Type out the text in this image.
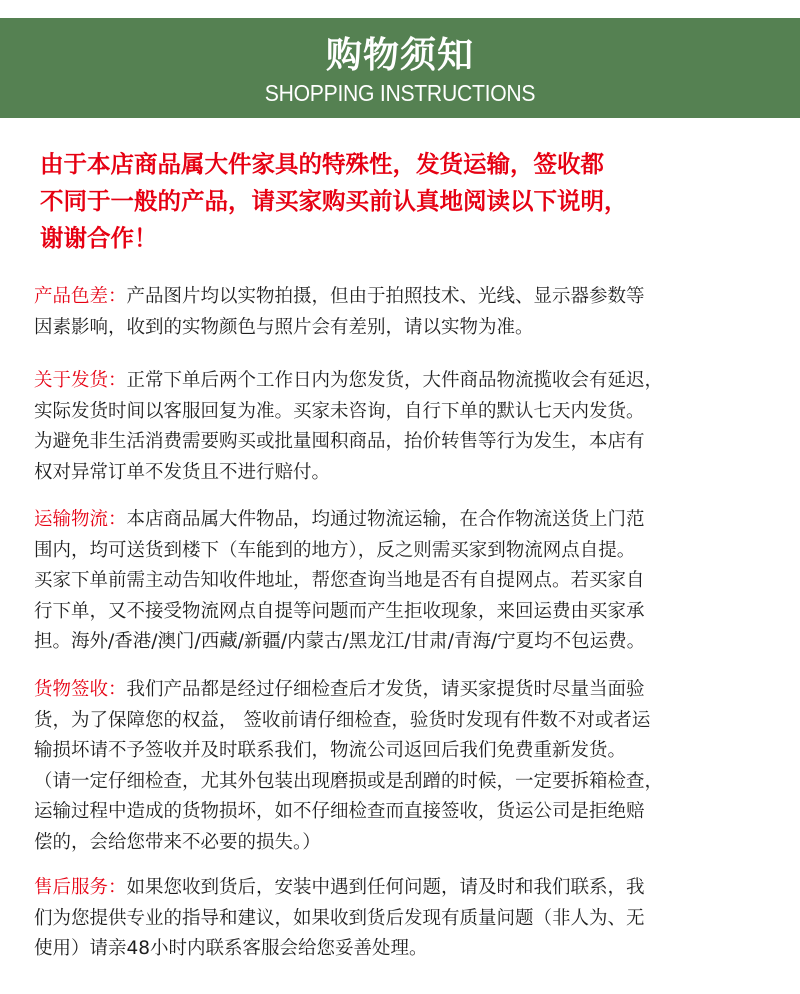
购物须知
SHOPPING INSTRUCTIONS
由于本店商品属大件家具的特殊性，发货运输，签收都
不同于一般的产品，请买家购买前认真地阅读以下说明，
谢谢合作！
产品色差：产品图片均以实物拍摄，但由于拍照技术、光线、显示器参数等
因素影响，收到的实物颜色与照片会有差别，请以实物为准。
关于发货：正常下单后两个工作日内为您发货，大件商品物流揽收会有延迟，
实际发货时间以客服回复为准。买家未咨询，自行下单的默认七天内发货。
为避免非生活消费需要购买或批量囤积商品，抬价转售等行为发生，本店有
权对异常订单不发货且不进行赔付。
运输物流：本店商品属大件物品，均通过物流运输，在合作物流送货上门范
围内，均可送货到楼下（车能到的地方），反之则需买家到物流网点自提。
买家下单前需主动告知收件地址，帮您查询当地是否有自提网点。若买家自
行下单，又不接受物流网点自提等问题而产生拒收现象，来回运费由买家承
担。海外/香港/澳门/西藏/新疆/内蒙古/黑龙江/甘肃/青海/宁夏均不包运费。
货物签收：我们产品都是经过仔细检查后才发货，请买家提货时尽量当面验
货，为了保障您的权益， 签收前请仔细检查，验货时发现有件数不对或者运
输损坏请不予签收并及时联系我们，物流公司返回后我们免费重新发货。
（请一定仔细检查，尤其外包装出现磨损或是刮蹭的时候，一定要拆箱检查，
运输过程中造成的货物损坏，如不仔细检查而直接签收，货运公司是拒绝赔
偿的，会给您带来不必要的损失。）
售后服务：如果您收到货后，安装中遇到任何问题，请及时和我们联系，我
们为您提供专业的指导和建议，如果收到货后发现有质量问题（非人为、无
使用）请亲48小时内联系客服会给您妥善处理。
